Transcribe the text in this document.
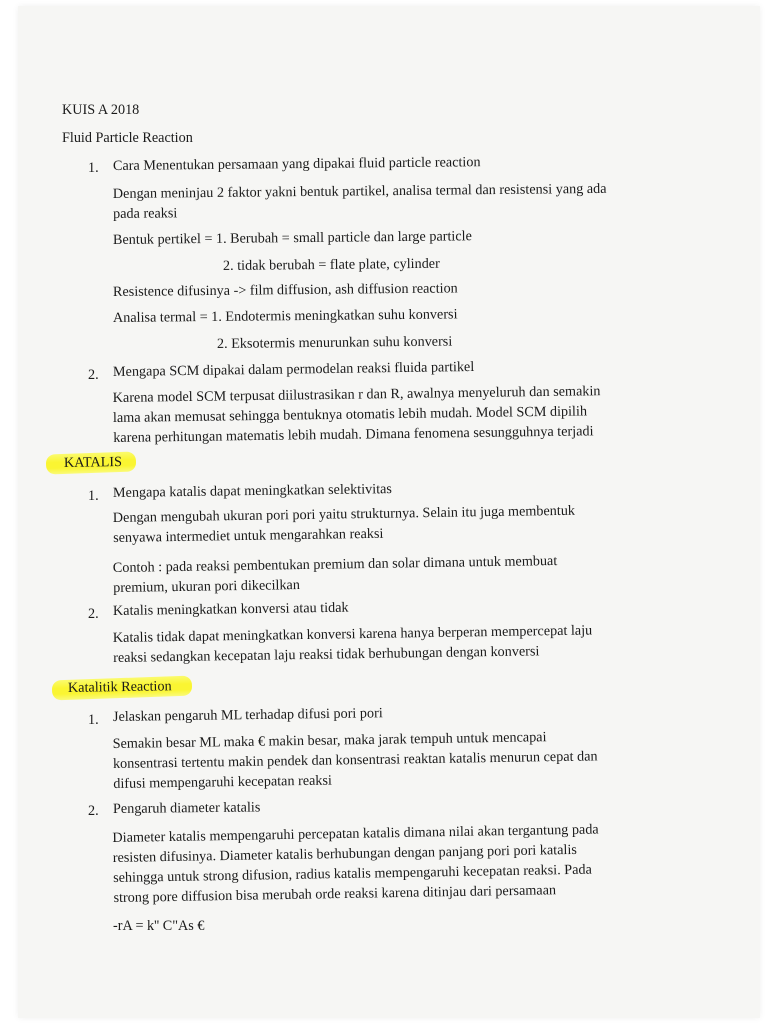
KUIS A 2018
Fluid Particle Reaction
1. Cara Menentukan persamaan yang dipakai fluid particle reaction
Dengan meninjau 2 faktor yakni bentuk partikel, analisa termal dan resistensi yang ada
pada reaksi
Bentuk pertikel = 1. Berubah = small particle dan large particle
2. tidak berubah = flate plate, cylinder
Resistence difusinya -> film diffusion, ash diffusion reaction
Analisa termal = 1. Endotermis meningkatkan suhu konversi
2. Eksotermis menurunkan suhu konversi
2. Mengapa SCM dipakai dalam permodelan reaksi fluida partikel
Karena model SCM terpusat diilustrasikan r dan R, awalnya menyeluruh dan semakin
lama akan memusat sehingga bentuknya otomatis lebih mudah. Model SCM dipilih
karena perhitungan matematis lebih mudah. Dimana fenomena sesungguhnya terjadi
KATALIS
1. Mengapa katalis dapat meningkatkan selektivitas
Dengan mengubah ukuran pori pori yaitu strukturnya. Selain itu juga membentuk
senyawa intermediet untuk mengarahkan reaksi
Contoh : pada reaksi pembentukan premium dan solar dimana untuk membuat
premium, ukuran pori dikecilkan
2. Katalis meningkatkan konversi atau tidak
Katalis tidak dapat meningkatkan konversi karena hanya berperan mempercepat laju
reaksi sedangkan kecepatan laju reaksi tidak berhubungan dengan konversi
Katalitik Reaction
1. Jelaskan pengaruh ML terhadap difusi pori pori
Semakin besar ML maka € makin besar, maka jarak tempuh untuk mencapai
konsentrasi tertentu makin pendek dan konsentrasi reaktan katalis menurun cepat dan
difusi mempengaruhi kecepatan reaksi
2. Pengaruh diameter katalis
Diameter katalis mempengaruhi percepatan katalis dimana nilai akan tergantung pada
resisten difusinya. Diameter katalis berhubungan dengan panjang pori pori katalis
sehingga untuk strong difusion, radius katalis mempengaruhi kecepatan reaksi. Pada
strong pore diffusion bisa merubah orde reaksi karena ditinjau dari persamaan
-rA = k'' C"As €
